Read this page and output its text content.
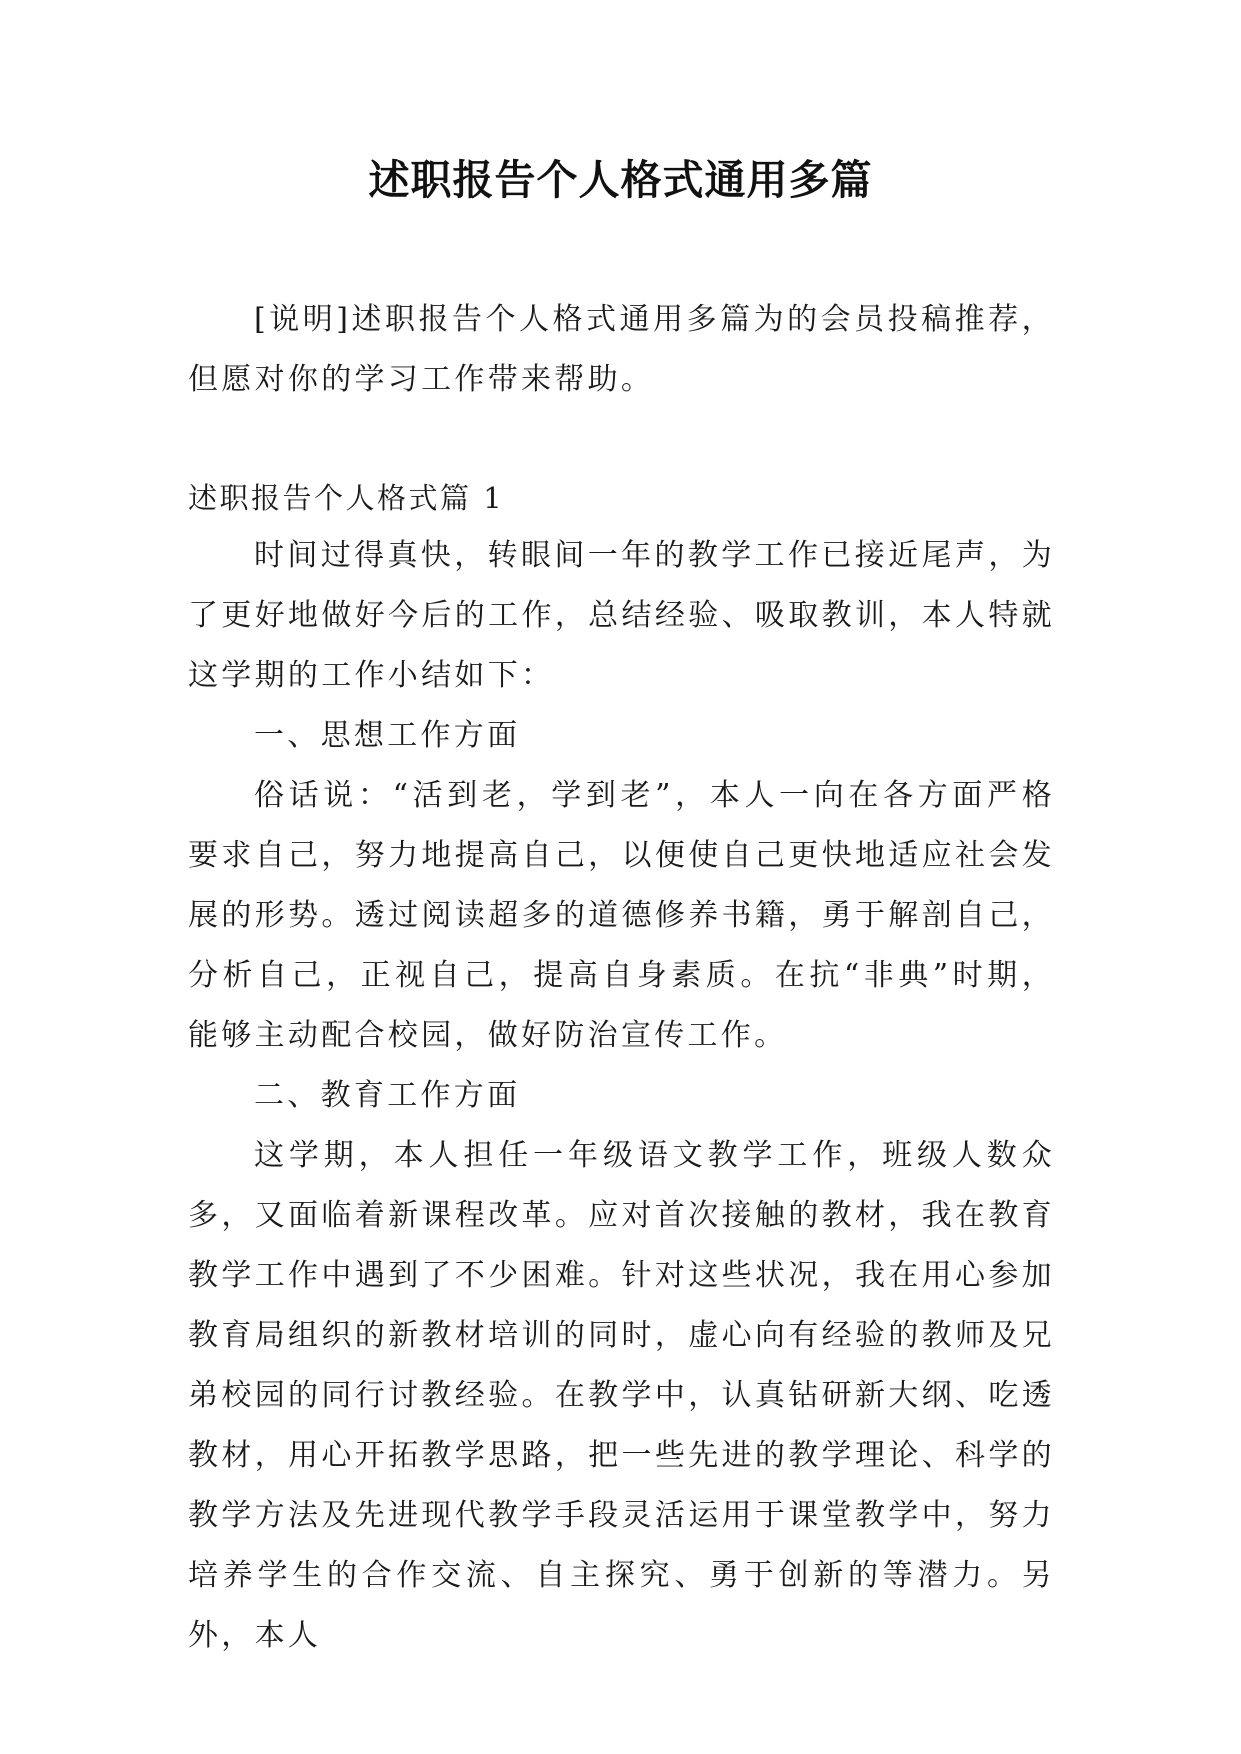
述职报告个人格式通用多篇

[说明]述职报告个人格式通用多篇为的会员投稿推荐，但愿对你的学习工作带来帮助。

述职报告个人格式篇 1

时间过得真快，转眼间一年的教学工作已接近尾声，为了更好地做好今后的工作，总结经验、吸取教训，本人特就这学期的工作小结如下：

一、思想工作方面

俗话说：“活到老，学到老”，本人一向在各方面严格要求自己，努力地提高自己，以便使自己更快地适应社会发展的形势。透过阅读超多的道德修养书籍，勇于解剖自己，分析自己，正视自己，提高自身素质。在抗“非典”时期，能够主动配合校园，做好防治宣传工作。

二、教育工作方面

这学期，本人担任一年级语文教学工作，班级人数众多，又面临着新课程改革。应对首次接触的教材，我在教育教学工作中遇到了不少困难。针对这些状况，我在用心参加教育局组织的新教材培训的同时，虚心向有经验的教师及兄弟校园的同行讨教经验。在教学中，认真钻研新大纲、吃透教材，用心开拓教学思路，把一些先进的教学理论、科学的教学方法及先进现代教学手段灵活运用于课堂教学中，努力培养学生的合作交流、自主探究、勇于创新的等潜力。另外，本人
